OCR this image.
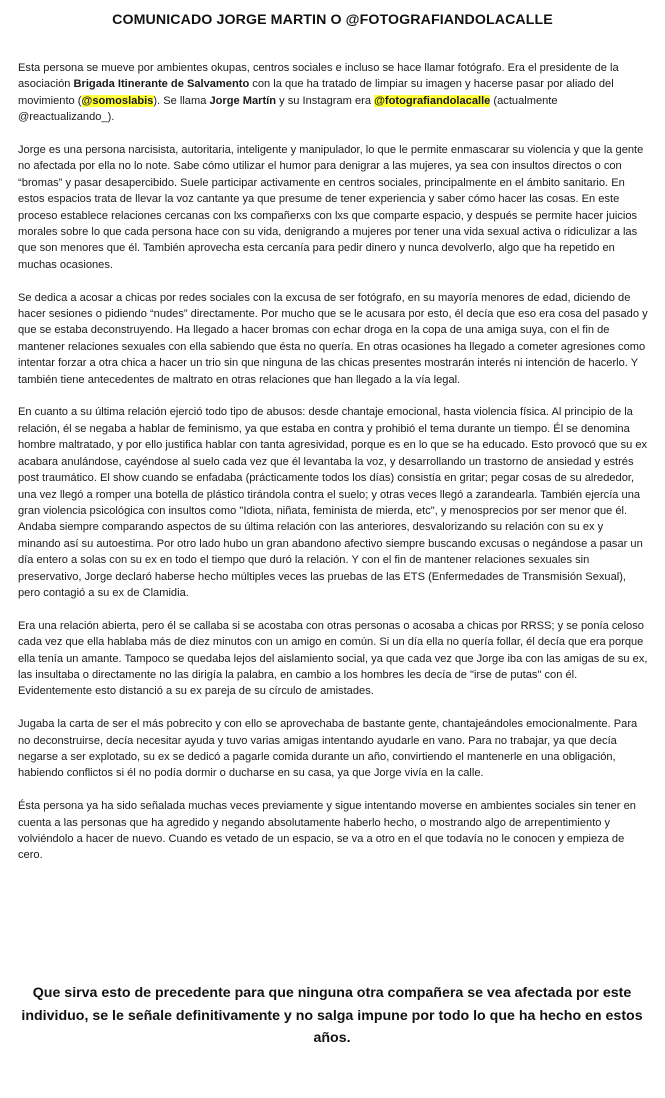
COMUNICADO JORGE MARTIN O @FOTOGRAFIANDOLACALLE

Esta persona se mueve por ambientes okupas, centros sociales e incluso se hace llamar fotógrafo. Era el presidente de la asociación Brigada Itinerante de Salvamento con la que ha tratado de limpiar su imagen y hacerse pasar por aliado del movimiento (@somoslabis). Se llama Jorge Martín y su Instagram era @fotografiandolacalle (actualmente @reactualizando_).

Jorge es una persona narcisista, autoritaria, inteligente y manipulador, lo que le permite enmascarar su violencia y que la gente no afectada por ella no lo note. Sabe cómo utilizar el humor para denigrar a las mujeres, ya sea con insultos directos o con “bromas” y pasar desapercibido. Suele participar activamente en centros sociales, principalmente en el ámbito sanitario. En estos espacios trata de llevar la voz cantante ya que presume de tener experiencia y saber cómo hacer las cosas. En este proceso establece relaciones cercanas con lxs compañerxs con lxs que comparte espacio, y después se permite hacer juicios morales sobre lo que cada persona hace con su vida, denigrando a mujeres por tener una vida sexual activa o ridiculizar a las que son menores que él. También aprovecha esta cercanía para pedir dinero y nunca devolverlo, algo que ha repetido en muchas ocasiones.

Se dedica a acosar a chicas por redes sociales con la excusa de ser fotógrafo, en su mayoría menores de edad, diciendo de hacer sesiones o pidiendo “nudes” directamente. Por mucho que se le acusara por esto, él decía que eso era cosa del pasado y que se estaba deconstruyendo. Ha llegado a hacer bromas con echar droga en la copa de una amiga suya, con el fin de mantener relaciones sexuales con ella sabiendo que ésta no quería. En otras ocasiones ha llegado a cometer agresiones como intentar forzar a otra chica a hacer un trio sin que ninguna de las chicas presentes mostrarán interés ni intención de hacerlo. Y también tiene antecedentes de maltrato en otras relaciones que han llegado a la vía legal.

En cuanto a su última relación ejerció todo tipo de abusos: desde chantaje emocional, hasta violencia física. Al principio de la relación, él se negaba a hablar de feminismo, ya que estaba en contra y prohibió el tema durante un tiempo. Él se denomina hombre maltratado, y por ello justifica hablar con tanta agresividad, porque es en lo que se ha educado. Esto provocó que su ex acabara anulándose, cayéndose al suelo cada vez que él levantaba la voz, y desarrollando un trastorno de ansiedad y estrés post traumático. El show cuando se enfadaba (prácticamente todos los días) consistía en gritar; pegar cosas de su alrededor, una vez llegó a romper una botella de plástico tirándola contra el suelo; y otras veces llegó a zarandearla. También ejercía una gran violencia psicológica con insultos como "Idiota, niñata, feminista de mierda, etc", y menosprecios por ser menor que él. Andaba siempre comparando aspectos de su última relación con las anteriores, desvalorizando su relación con su ex y minando así su autoestima. Por otro lado hubo un gran abandono afectivo siempre buscando excusas o negándose a pasar un día entero a solas con su ex en todo el tiempo que duró la relación. Y con el fin de mantener relaciones sexuales sin preservativo, Jorge declaró haberse hecho múltiples veces las pruebas de las ETS (Enfermedades de Transmisión Sexual), pero contagió a su ex de Clamidia.

Era una relación abierta, pero él se callaba si se acostaba con otras personas o acosaba a chicas por RRSS; y se ponía celoso cada vez que ella hablaba más de diez minutos con un amigo en común. Si un día ella no quería follar, él decía que era porque ella tenía un amante. Tampoco se quedaba lejos del aislamiento social, ya que cada vez que Jorge iba con las amigas de su ex, las insultaba o directamente no las dirigía la palabra, en cambio a los hombres les decía de "irse de putas" con él. Evidentemente esto distanció a su ex pareja de su círculo de amistades.

Jugaba la carta de ser el más pobrecito y con ello se aprovechaba de bastante gente, chantajeándoles emocionalmente. Para no deconstruirse, decía necesitar ayuda y tuvo varias amigas intentando ayudarle en vano. Para no trabajar, ya que decía negarse a ser explotado, su ex se dedicó a pagarle comida durante un año, convirtiendo el mantenerle en una obligación, habiendo conflictos si él no podía dormir o ducharse en su casa, ya que Jorge vivía en la calle.

Ésta persona ya ha sido señalada muchas veces previamente y sigue intentando moverse en ambientes sociales sin tener en cuenta a las personas que ha agredido y negando absolutamente haberlo hecho, o mostrando algo de arrepentimiento y volviéndolo a hacer de nuevo. Cuando es vetado de un espacio, se va a otro en el que todavía no le conocen y empieza de cero.

Que sirva esto de precedente para que ninguna otra compañera se vea afectada por este individuo, se le señale definitivamente y no salga impune por todo lo que ha hecho en estos años.
